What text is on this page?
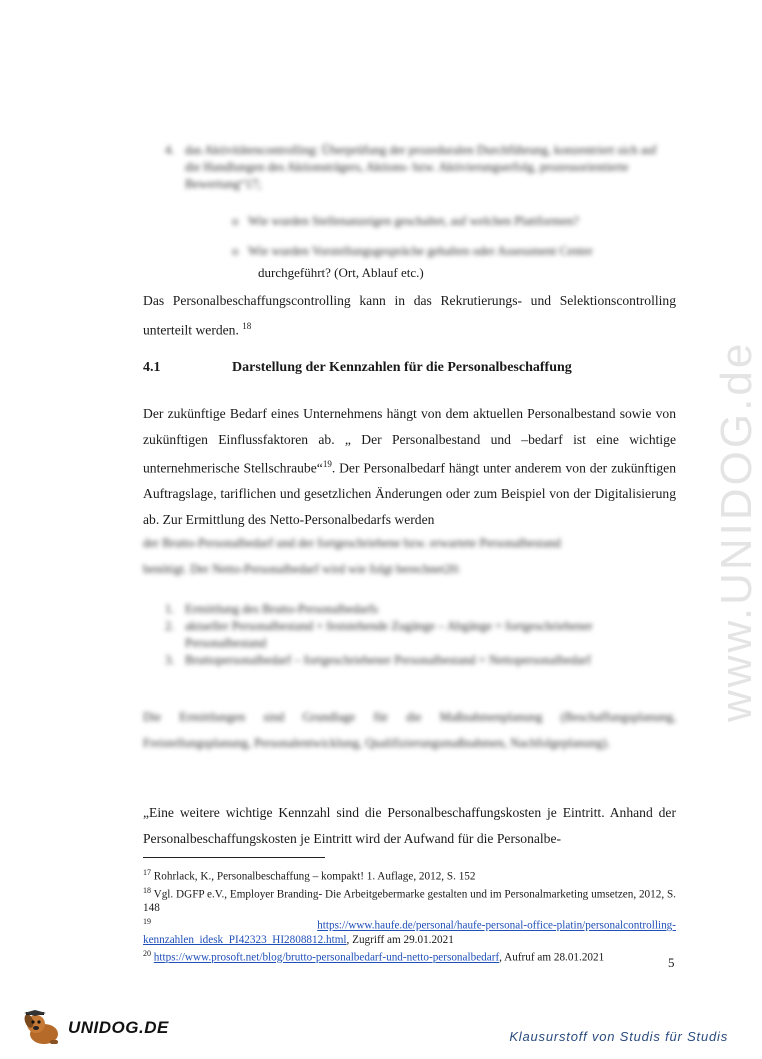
www.UNIDOG.de
4. das Aktivitätencontrolling: Überprüfung der prozeduralen Durchführung, konzentriert sich auf die Handlungen des Aktionsträgers, Aktions- bzw. Aktivierungserfolg, prozessorientierte Bewertung“17;
o Wie wurden Stellenanzeigen geschaltet, auf welchen Plattformen?
o Wie wurden Vorstellungsgespräche gehalten oder Assessment Center
durchgeführt? (Ort, Ablauf etc.)
Das Personalbeschaffungscontrolling kann in das Rekrutierungs- und Selektionscontrolling unterteilt werden. $^{18}$
4.1	Darstellung der Kennzahlen für die Personalbeschaffung
Der zukünftige Bedarf eines Unternehmens hängt von dem aktuellen Personalbestand sowie von zukünftigen Einflussfaktoren ab. „ Der Personalbestand und –bedarf ist eine wichtige unternehmerische Stellschraube“$^{19}$. Der Personalbedarf hängt unter anderem von der zukünftigen Auftragslage, tariflichen und gesetzlichen Änderungen oder zum Beispiel von der Digitalisierung ab. Zur Ermittlung des Netto-Personalbedarfs werden
der Brutto-Personalbedarf und der fortgeschriebene bzw. erwartete Personalbestand
benötigt. Der Netto-Personalbedarf wird wie folgt berechnet20:
1. Ermittlung des Brutto-Personalbedarfs
2. aktueller Personalbestand + feststehende Zugänge – Abgänge = fortgeschriebener Personalbestand
3. Bruttopersonalbedarf – fortgeschriebener Personalbestand = Nettopersonalbedarf
Die Ermittlungen sind Grundlage für die Maßnahmenplanung (Beschaffungsplanung, Freistellungsplanung, Personalentwicklung, Qualifizierungsmaßnahmen, Nachfolgeplanung).
„Eine weitere wichtige Kennzahl sind die Personalbeschaffungskosten je Eintritt. Anhand der Personalbeschaffungskosten je Eintritt wird der Aufwand für die Personalbe-
$^{17}$ Rohrlack, K., Personalbeschaffung – kompakt! 1. Auflage, 2012, S. 152
$^{18}$ Vgl. DGFP e.V., Employer Branding- Die Arbeitgebermarke gestalten und im Personalmarketing umsetzen, 2012, S. 148
$^{19}$	https://www.haufe.de/personal/haufe-personal-office-platin/personalcontrolling-kennzahlen_idesk_PI42323_HI2808812.html, Zugriff am 29.01.2021
$^{20}$ https://www.prosoft.net/blog/brutto-personalbedarf-und-netto-personalbedarf, Aufruf am 28.01.2021	5
UNIDOG.DE	Klausurstoff von Studis für Studis
